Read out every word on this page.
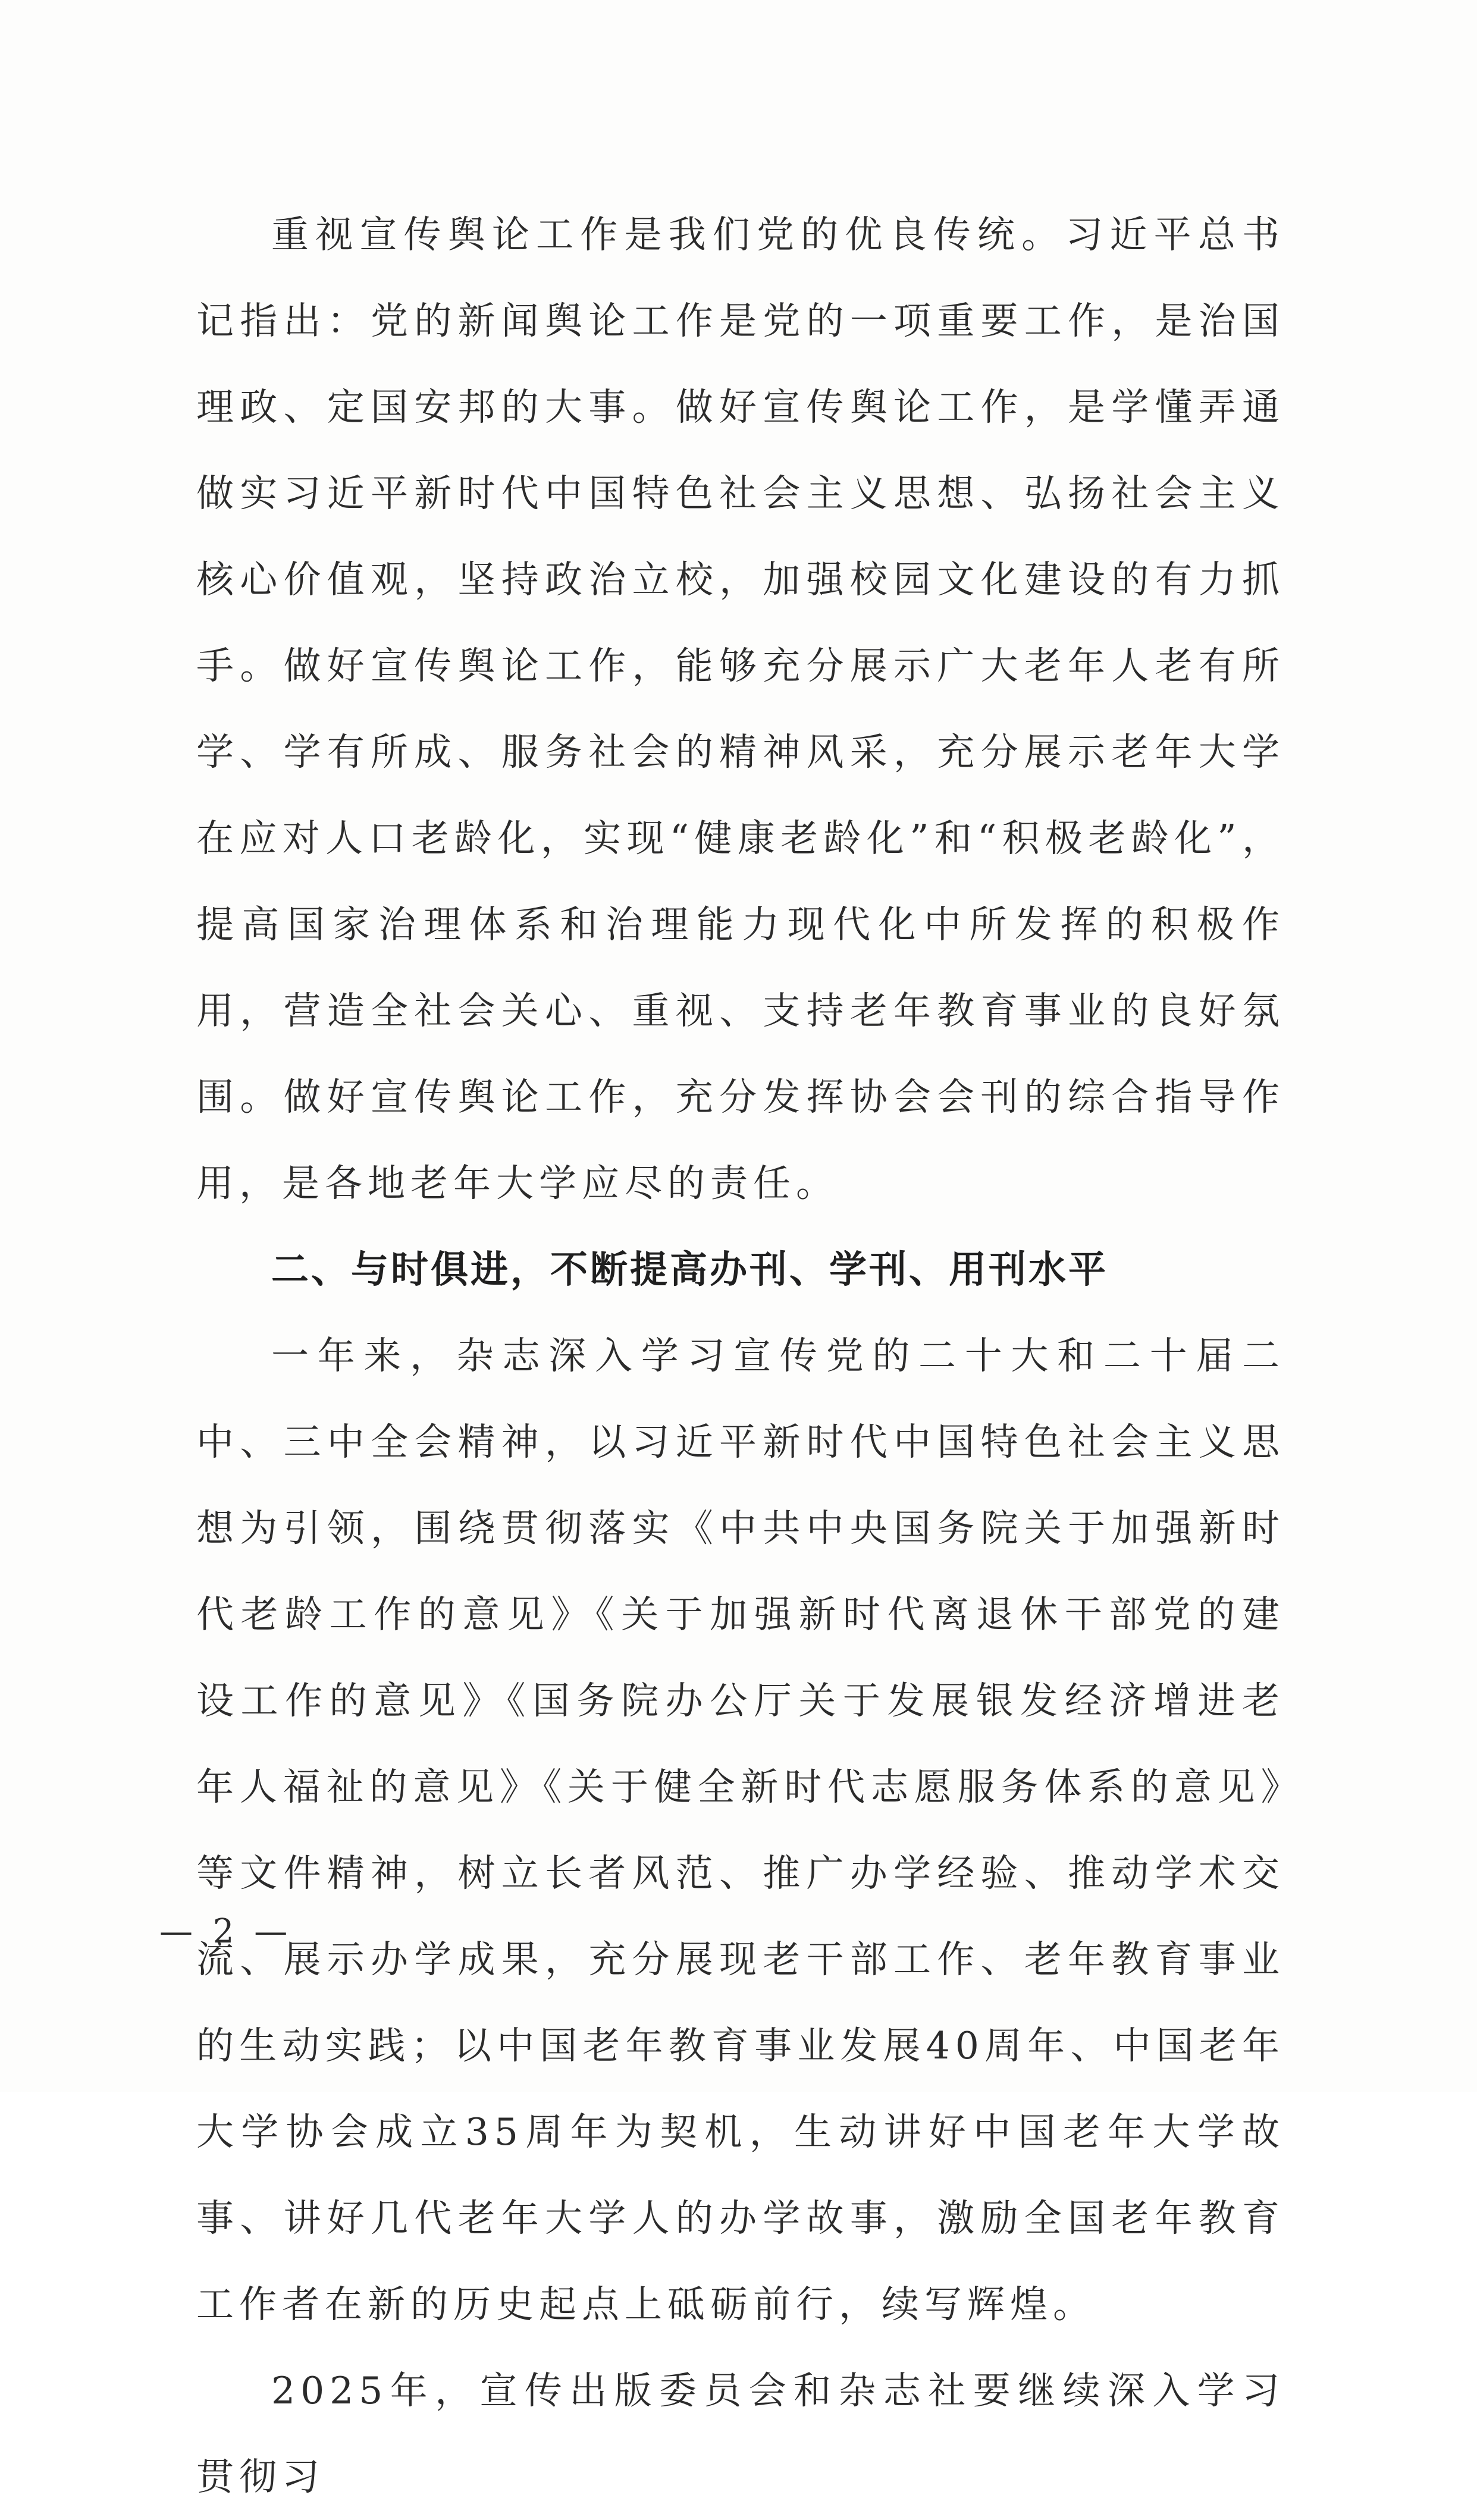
重视宣传舆论工作是我们党的优良传统。习近平总书记指出：党的新闻舆论工作是党的一项重要工作，是治国理政、定国安邦的大事。做好宣传舆论工作，是学懂弄通做实习近平新时代中国特色社会主义思想、弘扬社会主义核心价值观，坚持政治立校，加强校园文化建设的有力抓手。做好宣传舆论工作，能够充分展示广大老年人老有所学、学有所成、服务社会的精神风采，充分展示老年大学在应对人口老龄化，实现“健康老龄化”和“积极老龄化”，提高国家治理体系和治理能力现代化中所发挥的积极作用，营造全社会关心、重视、支持老年教育事业的良好氛围。做好宣传舆论工作，充分发挥协会会刊的综合指导作用，是各地老年大学应尽的责任。

二、与时俱进，不断提高办刊、学刊、用刊水平

一年来，杂志深入学习宣传党的二十大和二十届二中、三中全会精神，以习近平新时代中国特色社会主义思想为引领，围绕贯彻落实《中共中央国务院关于加强新时代老龄工作的意见》《关于加强新时代离退休干部党的建设工作的意见》《国务院办公厅关于发展银发经济增进老年人福祉的意见》《关于健全新时代志愿服务体系的意见》等文件精神，树立长者风范、推广办学经验、推动学术交流、展示办学成果，充分展现老干部工作、老年教育事业的生动实践；以中国老年教育事业发展40周年、中国老年大学协会成立35周年为契机，生动讲好中国老年大学故事、讲好几代老年大学人的办学故事，激励全国老年教育工作者在新的历史起点上砥砺前行，续写辉煌。

2025年，宣传出版委员会和杂志社要继续深入学习贯彻习

— 2 —
